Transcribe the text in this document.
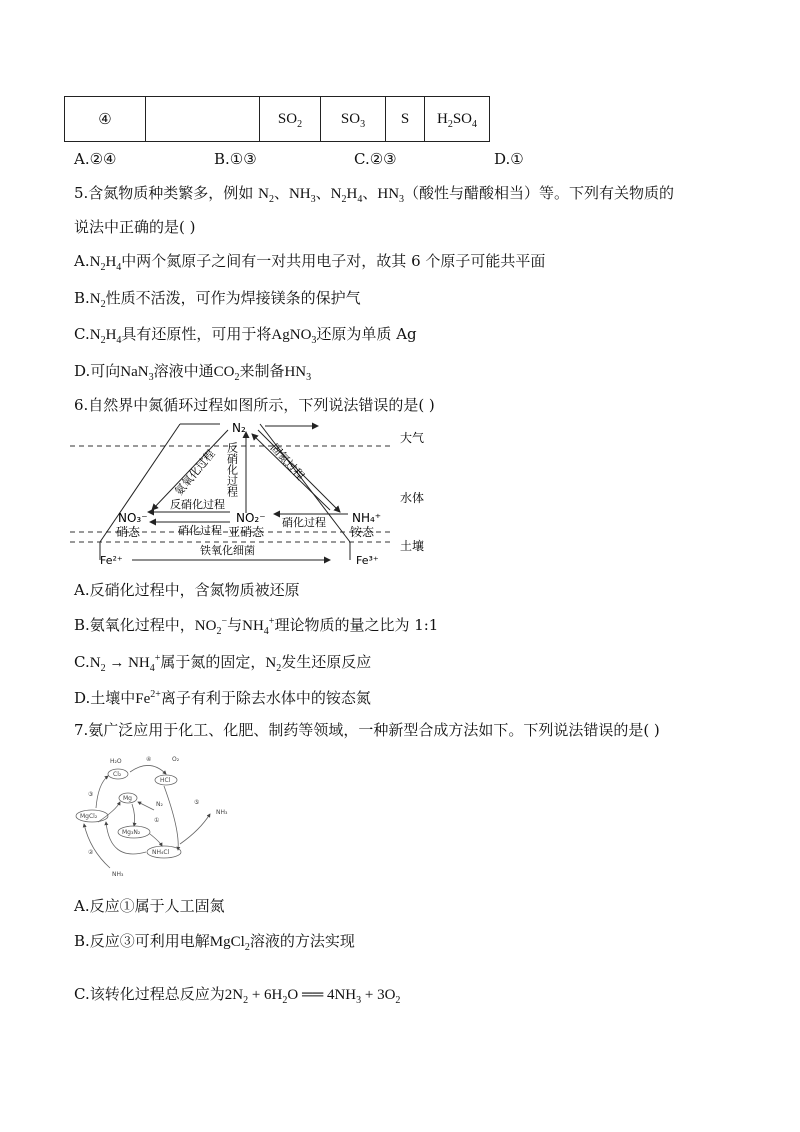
④		$SO_2$	$SO_3$	S	$H_2SO_4$
A.②④	B.①③	C.②③	D.①
5.含氮物质种类繁多，例如 $N_2$、$NH_3$、$N_2H_4$、$HN_3$（酸性与醋酸相当）等。下列有关物质的
说法中正确的是( )
$A.N_2H_4$中两个氮原子之间有一对共用电子对，故其 6 个原子可能共平面
$B.N_2$性质不活泼，可作为焊接镁条的保护气
$C.N_2H_4$具有还原性，可用于将AgNO$_3$还原为单质 Ag
D.可向NaN$_3$溶液中通$CO_2$来制备$HN_3$
6.自然界中氮循环过程如图所示，下列说法错误的是( )
N₂
氨氧化过程 反硝化过程	固氮过程
大气
水体
土壤
NO₃⁻
硝态
NO₂⁻
亚硝态
NH₄⁺
铵态
反硝化过程
硝化过程
硝化过程
Fe²⁺
铁氧化细菌
Fe³⁺
A.反硝化过程中，含氮物质被还原
B.氨氧化过程中，$NO_2^-$与$NH_4^+$理论物质的量之比为 1:1
$C.N_2 \to NH_4^+$属于氮的固定，$N_2$发生还原反应
D.土壤中$Fe^{2+}$离子有利于除去水体中的铵态氮
7.氨广泛应用于化工、化肥、制药等领域，一种新型合成方法如下。下列说法错误的是( )
H₂O	④	O₂
Cl₂
HCl
③
Mg
N₂	⑤
NH₃
MgCl₂
①
Mg₃N₂
②	NH₄Cl
NH₃
A.反应①属于人工固氮
B.反应③可利用电解MgCl$_2$溶液的方法实现
C.该转化过程总反应为$2N_2 + 6H_2O$ ══ $4NH_3 + 3O_2$
